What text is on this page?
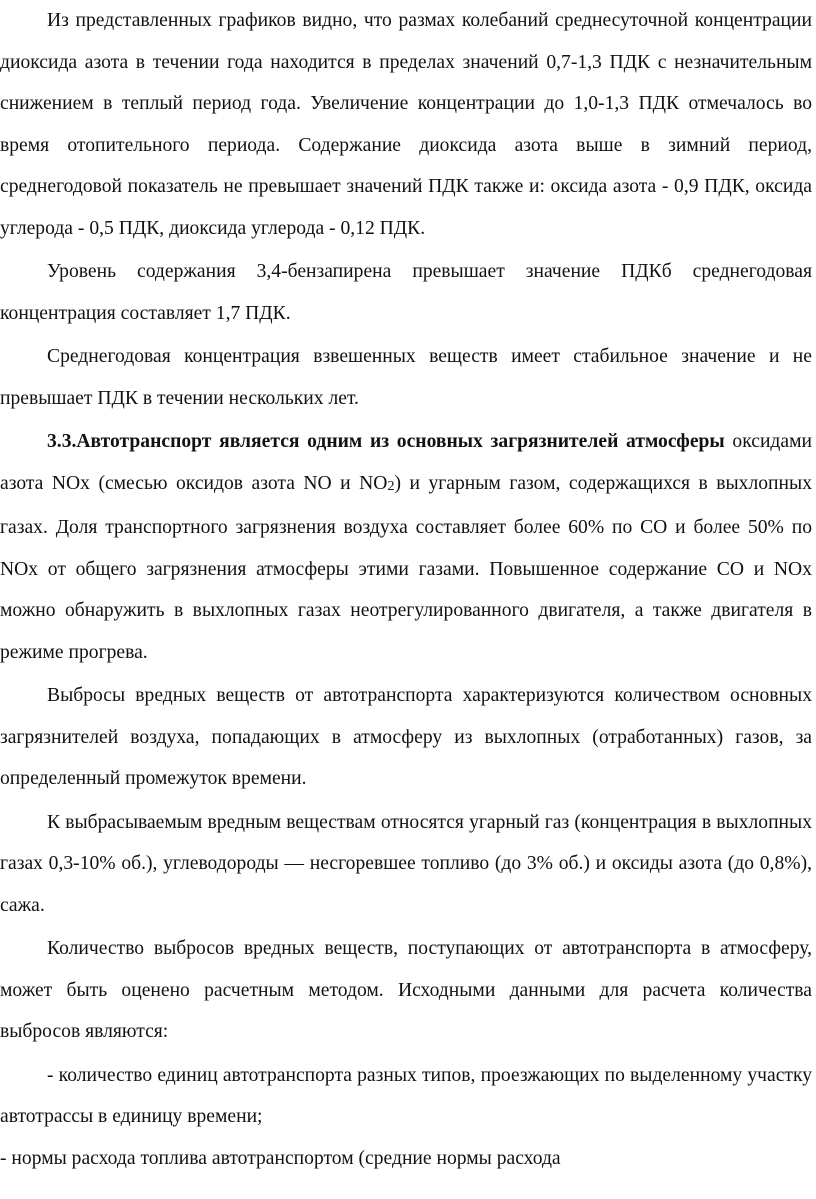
Из представленных графиков видно, что размах колебаний среднесуточной концентрации диоксида азота в течении года находится в пределах значений 0,7-1,3 ПДК с незначительным снижением в теплый период года. Увеличение концентрации до 1,0-1,3 ПДК отмечалось во время отопительного периода. Содержание диоксида азота выше в зимний период, среднегодовой показатель не превышает значений ПДК также и: оксида азота - 0,9 ПДК, оксида углерода - 0,5 ПДК, диоксида углерода - 0,12 ПДК.

Уровень содержания 3,4-бензапирена превышает значение ПДКб среднегодовая концентрация составляет 1,7 ПДК.

Среднегодовая концентрация взвешенных веществ имеет стабильное значение и не превышает ПДК в течении нескольких лет.

3.3.Автотранспорт является одним из основных загрязнителей атмосферы оксидами азота NOx (смесью оксидов азота NO и $NO_2$) и угарным газом, содержащихся в выхлопных газах. Доля транспортного загрязнения воздуха составляет более 60% по CO и более 50% по NOx от общего загрязнения атмосферы этими газами. Повышенное содержание CO и NOx можно обнаружить в выхлопных газах неотрегулированного двигателя, а также двигателя в режиме прогрева.

Выбросы вредных веществ от автотранспорта характеризуются количеством основных загрязнителей воздуха, попадающих в атмосферу из выхлопных (отработанных) газов, за определенный промежуток времени.

К выбрасываемым вредным веществам относятся угарный газ (концентрация в выхлопных газах 0,3-10% об.), углеводороды — несгоревшее топливо (до 3% об.) и оксиды азота (до 0,8%), сажа.

Количество выбросов вредных веществ, поступающих от автотранспорта в атмосферу, может быть оценено расчетным методом. Исходными данными для расчета количества выбросов являются:

- количество единиц автотранспорта разных типов, проезжающих по выделенному участку автотрассы в единицу времени;

- нормы расхода топлива автотранспортом (средние нормы расхода
